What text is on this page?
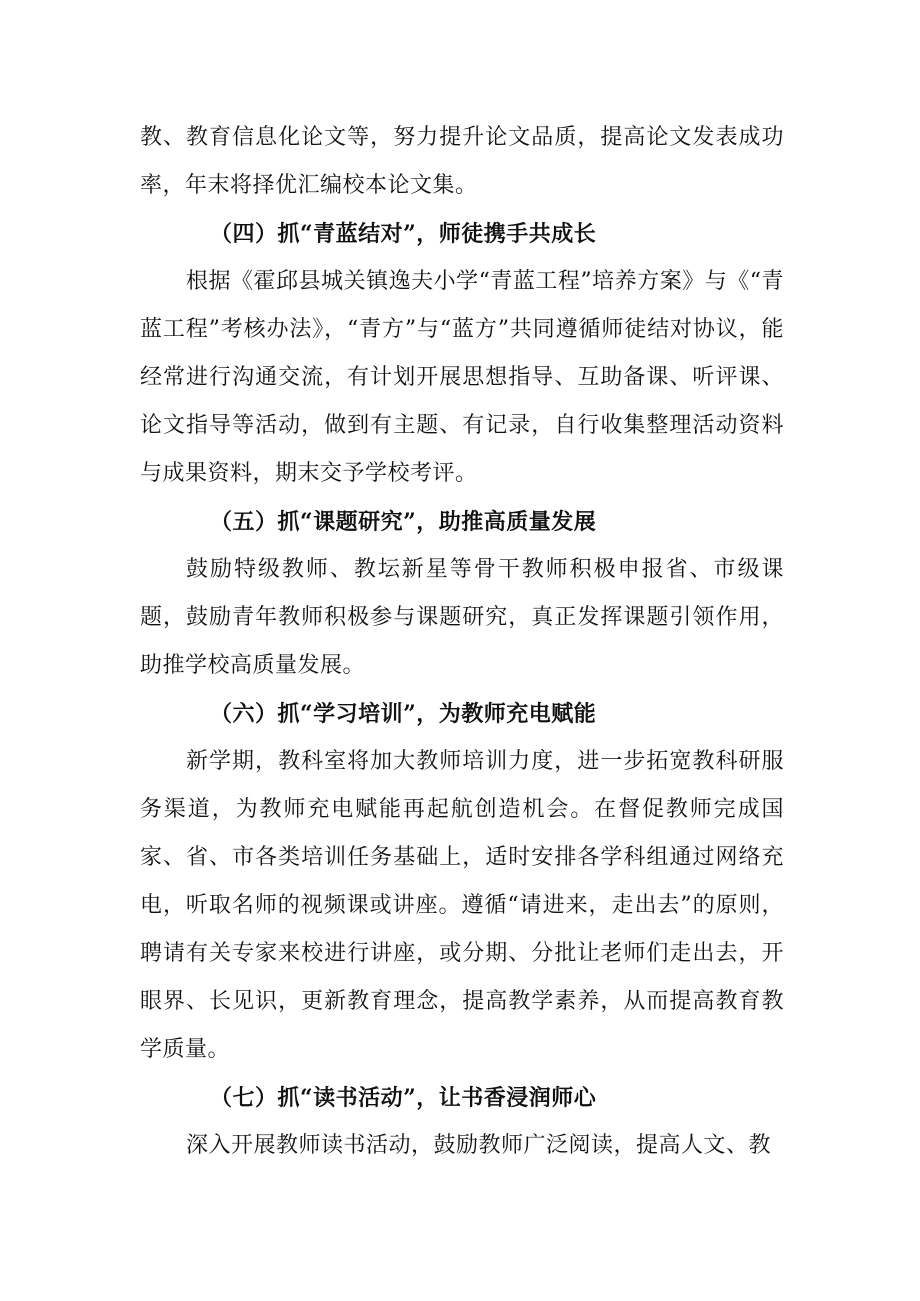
教、教育信息化论文等，努力提升论文品质，提高论文发表成功率，年末将择优汇编校本论文集。

（四）抓“青蓝结对”，师徒携手共成长

根据《霍邱县城关镇逸夫小学“青蓝工程”培养方案》与《“青蓝工程”考核办法》，“青方”与“蓝方”共同遵循师徒结对协议，能经常进行沟通交流，有计划开展思想指导、互助备课、听评课、论文指导等活动，做到有主题、有记录，自行收集整理活动资料与成果资料，期末交予学校考评。

（五）抓“课题研究”，助推高质量发展

鼓励特级教师、教坛新星等骨干教师积极申报省、市级课题，鼓励青年教师积极参与课题研究，真正发挥课题引领作用，助推学校高质量发展。

（六）抓“学习培训”，为教师充电赋能

新学期，教科室将加大教师培训力度，进一步拓宽教科研服务渠道，为教师充电赋能再起航创造机会。在督促教师完成国家、省、市各类培训任务基础上，适时安排各学科组通过网络充电，听取名师的视频课或讲座。遵循“请进来，走出去”的原则，聘请有关专家来校进行讲座，或分期、分批让老师们走出去，开眼界、长见识，更新教育理念，提高教学素养，从而提高教育教学质量。

（七）抓“读书活动”，让书香浸润师心

深入开展教师读书活动，鼓励教师广泛阅读，提高人文、教
